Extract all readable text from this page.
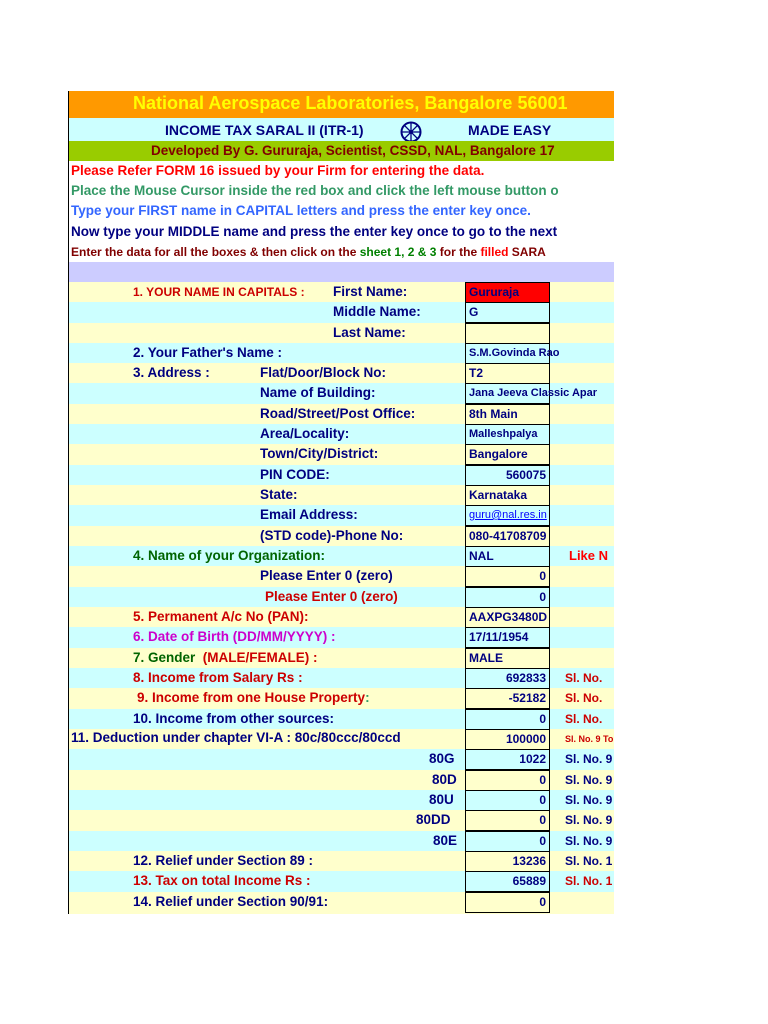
National Aerospace Laboratories, Bangalore 56001
INCOME TAX SARAL II (ITR-1)	MADE EASY
Developed By G. Gururaja, Scientist, CSSD, NAL, Bangalore 17
Please Refer FORM 16 issued by your Firm for entering the data.
Place the Mouse Cursor inside the red box and click the left mouse button o
Type your FIRST name in CAPITAL letters and press the enter key once.
Now type your MIDDLE name and press the enter key once to go to the next
Enter the data for all the boxes & then click on the sheet 1, 2 & 3 for the filled SARA
1. YOUR NAME IN CAPITALS : First Name:	Gururaja
Middle Name:	G
Last Name:
2. Your Father's Name :	S.M.Govinda Rao
3. Address :	Flat/Door/Block No:	T2
Name of Building:	Jana Jeeva Classic Apar
Road/Street/Post Office:	8th Main
Area/Locality:	Malleshpalya
Town/City/District:	Bangalore
PIN CODE:	560075
State:	Karnataka
Email Address:	guru@nal.res.in
(STD code)-Phone No:	080-41708709
4. Name of your Organization:	NAL	Like N
Please Enter 0 (zero)	0
Please Enter 0 (zero)	0
5. Permanent A/c No (PAN):	AAXPG3480D
6. Date of Birth (DD/MM/YYYY) :	17/11/1954
7. Gender  (MALE/FEMALE) :	MALE
8. Income from Salary Rs :	692833	Sl. No.
9. Income from one House Property:	-52182	Sl. No.
10. Income from other sources:	0	Sl. No.
11. Deduction under chapter VI-A : 80c/80ccc/80ccd	100000	Sl. No. 9 To
80G	1022	Sl. No. 9
80D	0	Sl. No. 9
80U	0	Sl. No. 9
80DD	0	Sl. No. 9
80E	0	Sl. No. 9
12. Relief under Section 89 :	13236	Sl. No. 1
13. Tax on total Income Rs :	65889	Sl. No. 1
14. Relief under Section 90/91:	0
